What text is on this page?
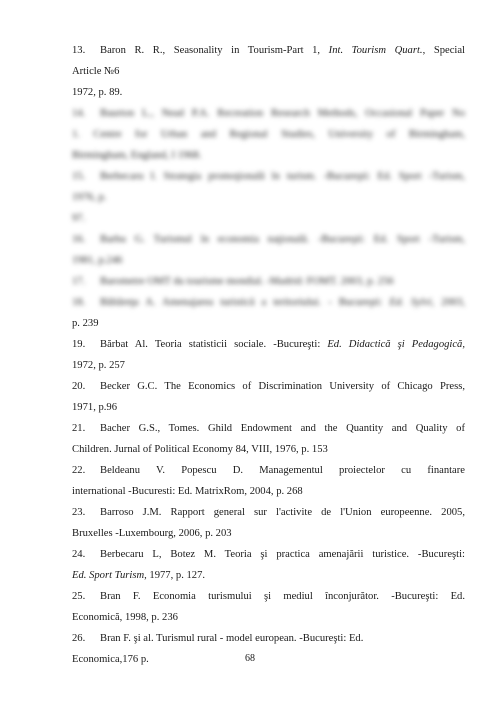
13. Baron R. R., Seasonality in Tourism-Part 1, Int. Tourism Quart., Special
Article №6
1972, p. 89.

14. Baurton L., Nead P.A. Recreation Research Methods, Occasional Paper No
1. Centre for Urban and Regional Studies, University of Birmingham,
Birmingham, England, I 1968.

15. Berbecaru I. Strategia promoţională în turism. -Bucureşti: Ed. Sport -Turism,
1976, p.
97.

16. Barbu G. Turismul în economia naţională. -Bucureşti: Ed. Sport -Turism,
1981, p.246

17. Barometre OMT du tourisme mondial. -Madrid: FOMT. 2003, p. 256

18. Băltăreţu A. Amenajarea turistică a teritoriului. - Bucureşti: Ed. Sylvi, 2003,

p. 239

19. Bărbat Al. Teoria statisticii sociale. -Bucureşti: Ed. Didactică şi Pedagogică,
1972, p. 257

20. Becker G.C. The Economics of Discrimination University of Chicago Press,
1971, p.96

21. Bacher G.S., Tomes. Ghild Endowment and the Quantity and Quality of
Children. Jurnal of Political Economy 84, VIII, 1976, p. 153

22. Beldeanu V. Popescu D. Managementul proiectelor cu finantare
international -Bucuresti: Ed. MatrixRom, 2004, p. 268

23. Barroso J.M. Rapport general sur l'activite de l'Union europeenne. 2005,
Bruxelles -Luxembourg, 2006, p. 203

24. Berbecaru L, Botez M. Teoria şi practica amenajării turistice. -Bucureşti:
Ed. Sport Turism, 1977, p. 127.

25. Bran F. Economia turismului şi mediul înconjurător. -Bucureşti: Ed.
Economică, 1998, p. 236

26. Bran F. şi al. Turismul rural - model european. -Bucureşti: Ed.
Economica,176 p.	68
